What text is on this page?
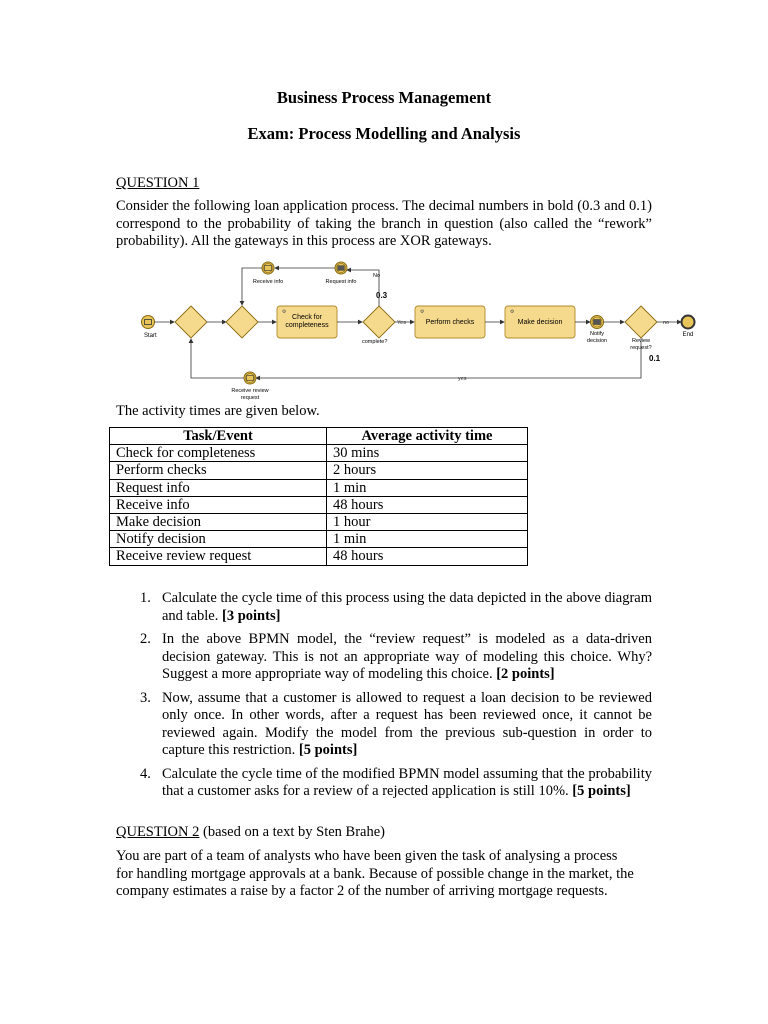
Business Process Management
Exam: Process Modelling and Analysis
QUESTION 1
Consider the following loan application process. The decimal numbers in bold (0.3 and 0.1) correspond to the probability of taking the branch in question (also called the “rework” probability). All the gateways in this process are XOR gateways.
Start
⚙
Check for
completeness
complete?
0.3
Yes
⚙
Perform checks
⚙
Make decision
Notify
decision	Review
request?
0.1
no
End
No
Request info
Receive info
yes
Receive review
request
The activity times are given below.
Task/Event	Average activity time
Check for completeness	30 mins
Perform checks	2 hours
Request info	1 min
Receive info	48 hours
Make decision	1 hour
Notify decision	1 min
Receive review request	48 hours
1. Calculate the cycle time of this process using the data depicted in the above diagram and table. [3 points]
2. In the above BPMN model, the “review request” is modeled as a data-driven decision gateway. This is not an appropriate way of modeling this choice. Why? Suggest a more appropriate way of modeling this choice. [2 points]
3. Now, assume that a customer is allowed to request a loan decision to be reviewed only once. In other words, after a request has been reviewed once, it cannot be reviewed again. Modify the model from the previous sub-question in order to capture this restriction. [5 points]
4. Calculate the cycle time of the modified BPMN model assuming that the probability that a customer asks for a review of a rejected application is still 10%. [5 points]
QUESTION 2 (based on a text by Sten Brahe)
You are part of a team of analysts who have been given the task of analysing a process for handling mortgage approvals at a bank. Because of possible change in the market, the company estimates a raise by a factor 2 of the number of arriving mortgage requests.
